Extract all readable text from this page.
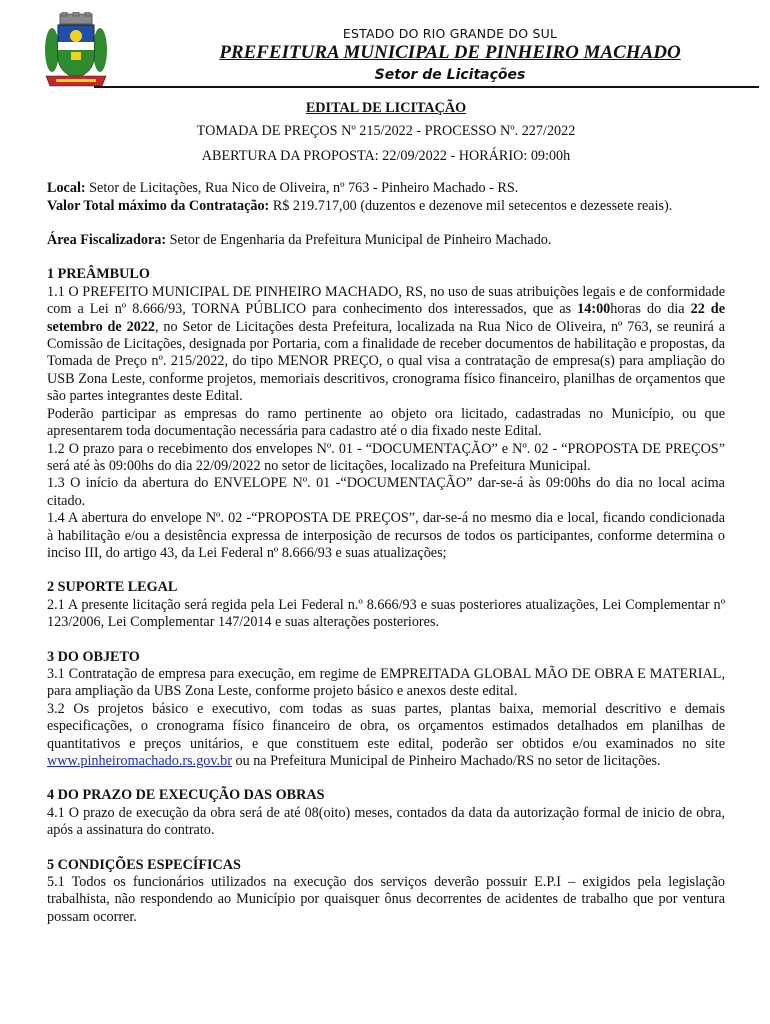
ESTADO DO RIO GRANDE DO SUL
PREFEITURA MUNICIPAL DE PINHEIRO MACHADO
Setor de Licitações
EDITAL DE LICITAÇÃO
TOMADA DE PREÇOS Nº 215/2022 - PROCESSO Nº. 227/2022
ABERTURA DA PROPOSTA: 22/09/2022 - HORÁRIO: 09:00h

Local: Setor de Licitações, Rua Nico de Oliveira, nº 763 - Pinheiro Machado - RS.

Valor Total máximo da Contratação: R$ 219.717,00 (duzentos e dezenove mil setecentos e dezessete reais).

Área Fiscalizadora: Setor de Engenharia da Prefeitura Municipal de Pinheiro Machado.

1 PREÂMBULO

1.1 O PREFEITO MUNICIPAL DE PINHEIRO MACHADO, RS, no uso de suas atribuições legais e de conformidade com a Lei nº 8.666/93, TORNA PÚBLICO para conhecimento dos interessados, que as 14:00horas do dia 22 de setembro de 2022, no Setor de Licitações desta Prefeitura, localizada na Rua Nico de Oliveira, nº 763, se reunirá a Comissão de Licitações, designada por Portaria, com a finalidade de receber documentos de habilitação e propostas, da Tomada de Preço nº. 215/2022, do tipo MENOR PREÇO, o qual visa a contratação de empresa(s) para ampliação do USB Zona Leste, conforme projetos, memoriais descritivos, cronograma físico financeiro, planilhas de orçamentos que são partes integrantes deste Edital.

Poderão participar as empresas do ramo pertinente ao objeto ora licitado, cadastradas no Município, ou que apresentarem toda documentação necessária para cadastro até o dia fixado neste Edital.

1.2 O prazo para o recebimento dos envelopes Nº. 01 - “DOCUMENTAÇÃO” e Nº. 02 - “PROPOSTA DE PREÇOS” será até às 09:00hs do dia 22/09/2022 no setor de licitações, localizado na Prefeitura Municipal.

1.3 O início da abertura do ENVELOPE Nº. 01 -“DOCUMENTAÇÃO” dar-se-á às 09:00hs do dia no local acima citado.

1.4 A abertura do envelope Nº. 02 -“PROPOSTA DE PREÇOS”, dar-se-á no mesmo dia e local, ficando condicionada à habilitação e/ou a desistência expressa de interposição de recursos de todos os participantes, conforme determina o inciso III, do artigo 43, da Lei Federal nº 8.666/93 e suas atualizações;

2 SUPORTE LEGAL

2.1 A presente licitação será regida pela Lei Federal n.º 8.666/93 e suas posteriores atualizações, Lei Complementar nº 123/2006, Lei Complementar 147/2014 e suas alterações posteriores.

3 DO OBJETO

3.1 Contratação de empresa para execução, em regime de EMPREITADA GLOBAL MÃO DE OBRA E MATERIAL, para ampliação da UBS Zona Leste, conforme projeto básico e anexos deste edital.

3.2 Os projetos básico e executivo, com todas as suas partes, plantas baixa, memorial descritivo e demais especificações, o cronograma físico financeiro de obra, os orçamentos estimados detalhados em planilhas de quantitativos e preços unitários, e que constituem este edital, poderão ser obtidos e/ou examinados no site www.pinheiromachado.rs.gov.br ou na Prefeitura Municipal de Pinheiro Machado/RS no setor de licitações.

4 DO PRAZO DE EXECUÇÃO DAS OBRAS

4.1 O prazo de execução da obra será de até 08(oito) meses, contados da data da autorização formal de inicio de obra, após a assinatura do contrato.

5 CONDIÇÕES ESPECÍFICAS

5.1 Todos os funcionários utilizados na execução dos serviços deverão possuir E.P.I – exigidos pela legislação trabalhista, não respondendo ao Município por quaisquer ônus decorrentes de acidentes de trabalho que por ventura possam ocorrer.
